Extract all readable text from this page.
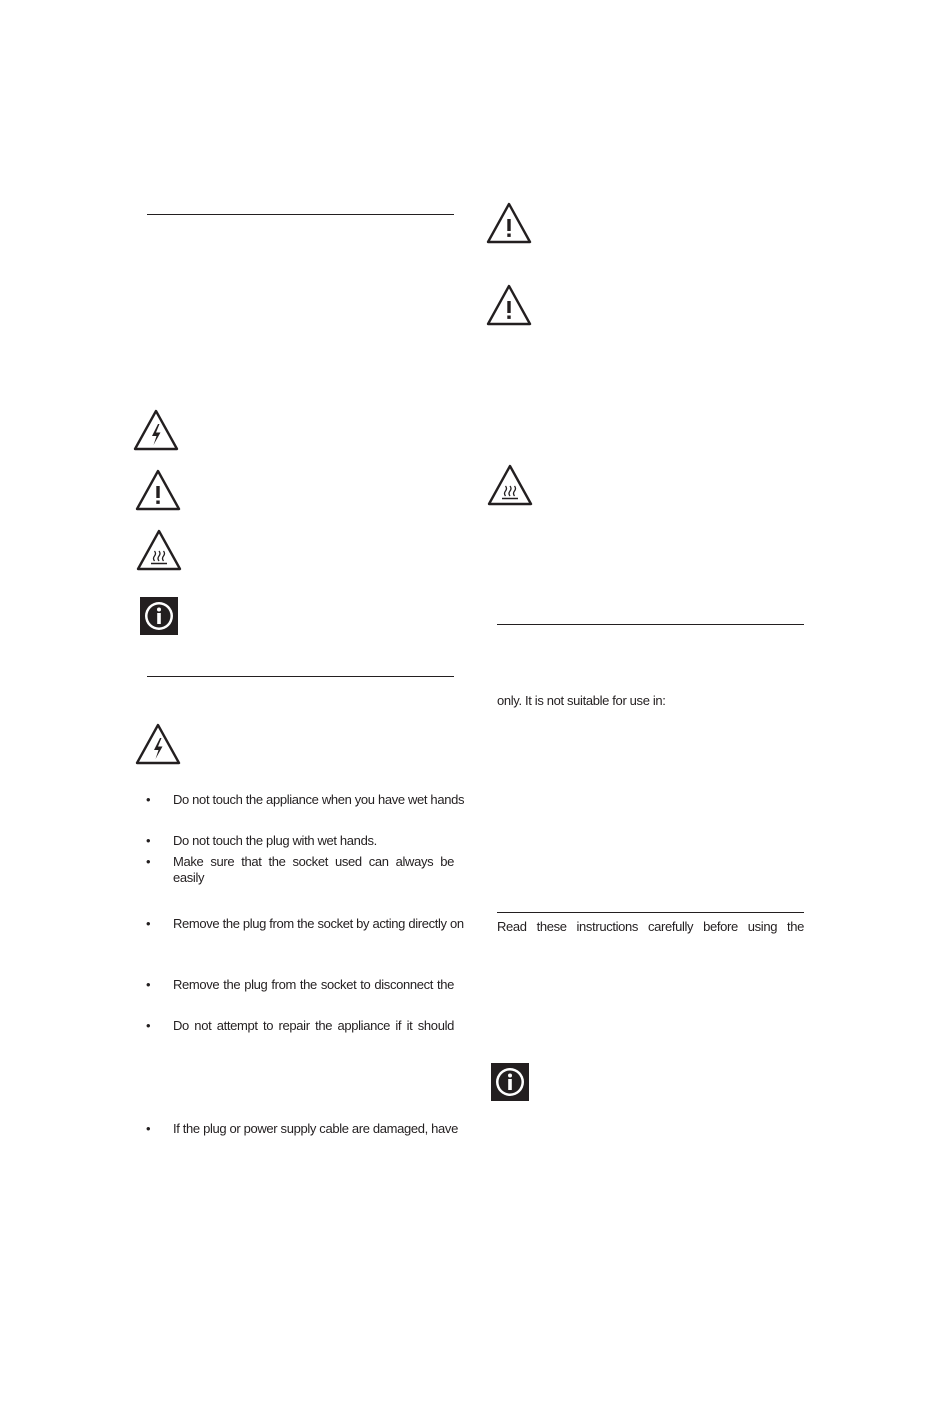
• Do not touch the appliance when you have wet hands
• Do not touch the plug with wet hands.
• Make sure that the socket used can always be easily
• Remove the plug from the socket by acting directly on
• Remove the plug from the socket to disconnect the
• Do not attempt to repair the appliance if it should
• If the plug or power supply cable are damaged, have
only. It is not suitable for use in:
Read these instructions carefully before using the
